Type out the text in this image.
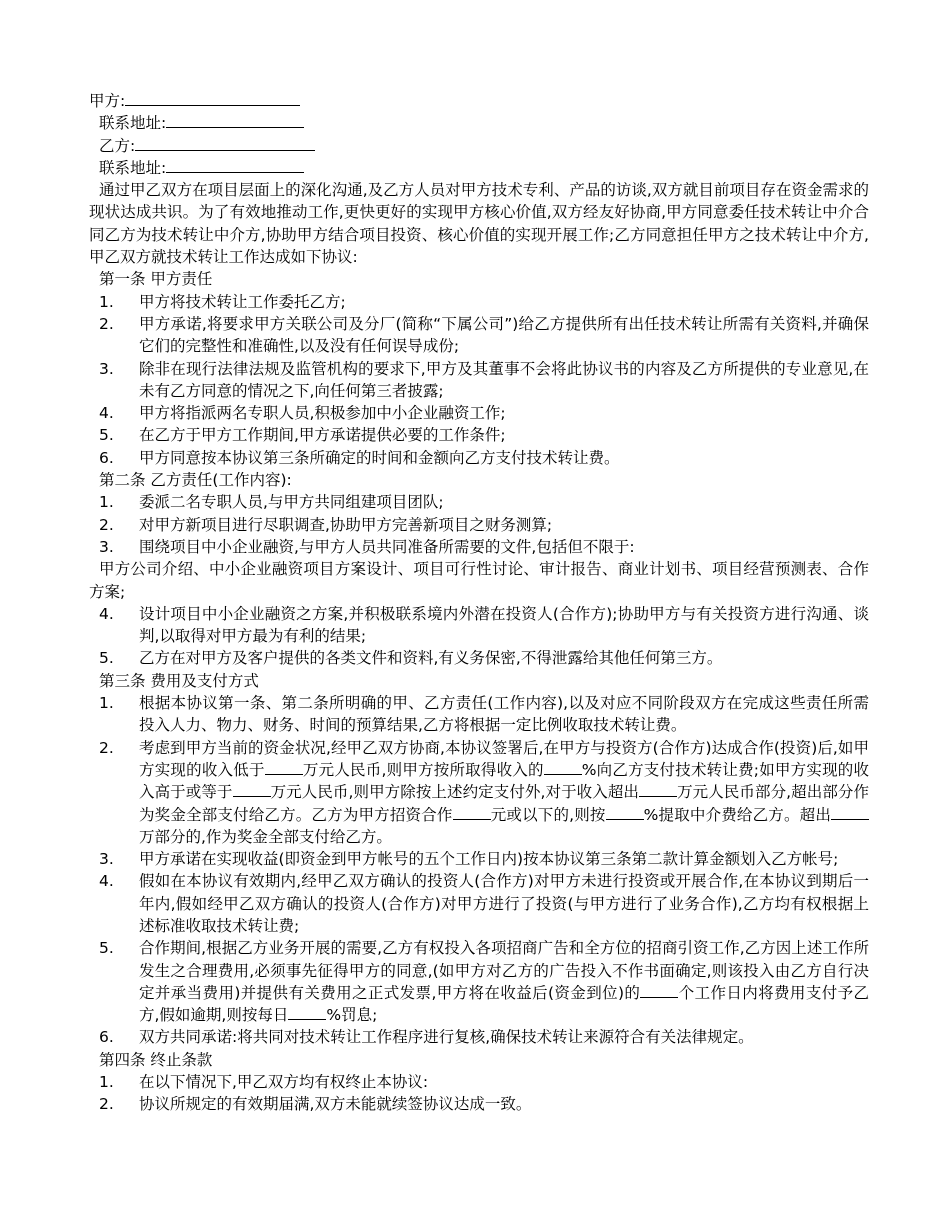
甲方:
联系地址:
乙方:
联系地址:
通过甲乙双方在项目层面上的深化沟通,及乙方人员对甲方技术专利、产品的访谈,双方就目前项目存在资金需求的现状达成共识。为了有效地推动工作,更快更好的实现甲方核心价值,双方经友好协商,甲方同意委任技术转让中介合同乙方为技术转让中介方,协助甲方结合项目投资、核心价值的实现开展工作;乙方同意担任甲方之技术转让中介方,甲乙双方就技术转让工作达成如下协议:
第一条 甲方责任
1. 甲方将技术转让工作委托乙方;
2. 甲方承诺,将要求甲方关联公司及分厂(简称“下属公司”)给乙方提供所有出任技术转让所需有关资料,并确保它们的完整性和准确性,以及没有任何误导成份;
3. 除非在现行法律法规及监管机构的要求下,甲方及其董事不会将此协议书的内容及乙方所提供的专业意见,在未有乙方同意的情况之下,向任何第三者披露;
4. 甲方将指派两名专职人员,积极参加中小企业融资工作;
5. 在乙方于甲方工作期间,甲方承诺提供必要的工作条件;
6. 甲方同意按本协议第三条所确定的时间和金额向乙方支付技术转让费。
第二条 乙方责任(工作内容):
1. 委派二名专职人员,与甲方共同组建项目团队;
2. 对甲方新项目进行尽职调查,协助甲方完善新项目之财务测算;
3. 围绕项目中小企业融资,与甲方人员共同准备所需要的文件,包括但不限于:
甲方公司介绍、中小企业融资项目方案设计、项目可行性讨论、审计报告、商业计划书、项目经营预测表、合作方案;
4. 设计项目中小企业融资之方案,并积极联系境内外潜在投资人(合作方);协助甲方与有关投资方进行沟通、谈判,以取得对甲方最为有利的结果;
5. 乙方在对甲方及客户提供的各类文件和资料,有义务保密,不得泄露给其他任何第三方。
第三条 费用及支付方式
1. 根据本协议第一条、第二条所明确的甲、乙方责任(工作内容),以及对应不同阶段双方在完成这些责任所需投入人力、物力、财务、时间的预算结果,乙方将根据一定比例收取技术转让费。
2. 考虑到甲方当前的资金状况,经甲乙双方协商,本协议签署后,在甲方与投资方(合作方)达成合作(投资)后,如甲方实现的收入低于 万元人民币,则甲方按所取得收入的 %向乙方支付技术转让费;如甲方实现的收入高于或等于 万元人民币,则甲方除按上述约定支付外,对于收入超出 万元人民币部分,超出部分作为奖金全部支付给乙方。乙方为甲方招资合作 元或以下的,则按 %提取中介费给乙方。超出万部分的,作为奖金全部支付给乙方。
3. 甲方承诺在实现收益(即资金到甲方帐号的五个工作日内)按本协议第三条第二款计算金额划入乙方帐号;
4. 假如在本协议有效期内,经甲乙双方确认的投资人(合作方)对甲方未进行投资或开展合作,在本协议到期后一年内,假如经甲乙双方确认的投资人(合作方)对甲方进行了投资(与甲方进行了业务合作),乙方均有权根据上述标准收取技术转让费;
5. 合作期间,根据乙方业务开展的需要,乙方有权投入各项招商广告和全方位的招商引资工作,乙方因上述工作所发生之合理费用,必须事先征得甲方的同意,(如甲方对乙方的广告投入不作书面确定,则该投入由乙方自行决定并承当费用)并提供有关费用之正式发票,甲方将在收益后(资金到位)的 个工作日内将费用支付予乙方,假如逾期,则按每日 %罚息;
6. 双方共同承诺:将共同对技术转让工作程序进行复核,确保技术转让来源符合有关法律规定。
第四条 终止条款
1. 在以下情况下,甲乙双方均有权终止本协议:
2. 协议所规定的有效期届满,双方未能就续签协议达成一致。
